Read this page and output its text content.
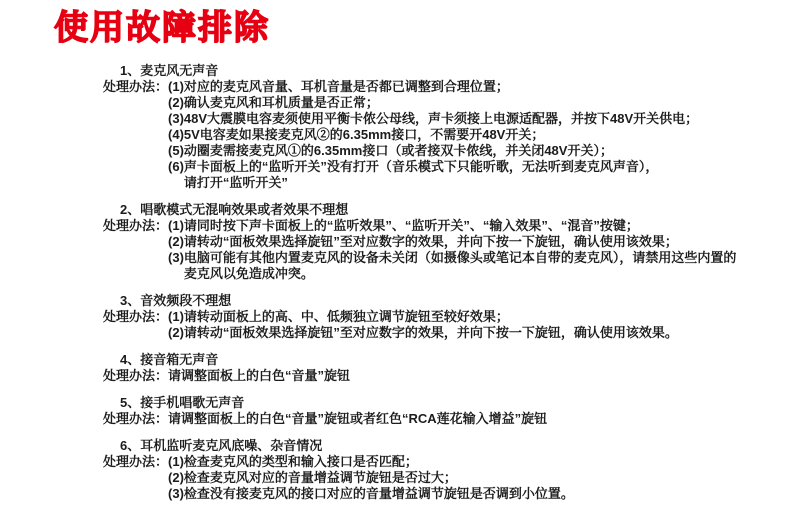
使用故障排除
1、麦克风无声音
处理办法： (1) 对应的麦克风音量、耳机音量是否都已调整到合理位置；
(2) 确认麦克风和耳机质量是否正常；
(3) 48V大震膜电容麦须使用平衡卡侬公母线，声卡须接上电源适配器，并按下48V开关供电；
(4) 5V电容麦如果接麦克风②的6.35mm接口，不需要开48V开关；
(5) 动圈麦需接麦克风①的6.35mm接口（或者接双卡侬线，并关闭48V开关）；
(6) 声卡面板上的“监听开关”没有打开（音乐模式下只能听歌，无法听到麦克风声音），
请打开“监听开关”
2、唱歌模式无混响效果或者效果不理想
处理办法： (1) 请同时按下声卡面板上的“监听效果”、“监听开关”、“输入效果”、“混音”按键；
(2) 请转动“面板效果选择旋钮”至对应数字的效果，并向下按一下旋钮，确认使用该效果；
(3) 电脑可能有其他内置麦克风的设备未关闭（如摄像头或笔记本自带的麦克风），请禁用这些内置的
麦克风以免造成冲突。
3、音效频段不理想
处理办法： (1) 请转动面板上的高、中、低频独立调节旋钮至较好效果；
(2) 请转动“面板效果选择旋钮”至对应数字的效果，并向下按一下旋钮，确认使用该效果。
4、接音箱无声音
处理办法： 请调整面板上的白色“音量”旋钮
5、接手机唱歌无声音
处理办法： 请调整面板上的白色“音量”旋钮或者红色“RCA莲花输入增益”旋钮
6、耳机监听麦克风底噪、杂音情况
处理办法： (1) 检查麦克风的类型和输入接口是否匹配；
(2) 检查麦克风对应的音量增益调节旋钮是否过大；
(3) 检查没有接麦克风的接口对应的音量增益调节旋钮是否调到小位置。
